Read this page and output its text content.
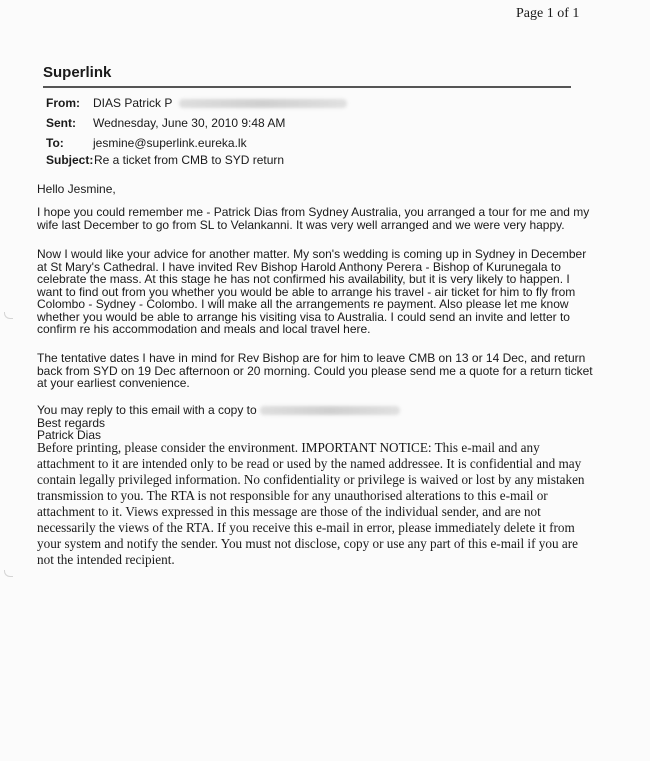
Page 1 of 1
Superlink
From: DIAS Patrick P
Sent: Wednesday, June 30, 2010 9:48 AM
To: jesmine@superlink.eureka.lk
Subject: Re a ticket from CMB to SYD return
Hello Jesmine,

I hope you could remember me - Patrick Dias from Sydney Australia, you arranged a tour for me and my wife last December to go from SL to Velankanni. It was very well arranged and we were very happy.

Now I would like your advice for another matter. My son's wedding is coming up in Sydney in December at St Mary's Cathedral. I have invited Rev Bishop Harold Anthony Perera - Bishop of Kurunegala to celebrate the mass. At this stage he has not confirmed his availability, but it is very likely to happen. I want to find out from you whether you would be able to arrange his travel - air ticket for him to fly from Colombo - Sydney - Colombo. I will make all the arrangements re payment. Also please let me know whether you would be able to arrange his visiting visa to Australia. I could send an invite and letter to confirm re his accommodation and meals and local travel here.

The tentative dates I have in mind for Rev Bishop are for him to leave CMB on 13 or 14 Dec, and return back from SYD on 19 Dec afternoon or 20 morning. Could you please send me a quote for a return ticket at your earliest convenience.

You may reply to this email with a copy to
Best regards
Patrick Dias

Before printing, please consider the environment. IMPORTANT NOTICE: This e-mail and any attachment to it are intended only to be read or used by the named addressee. It is confidential and may contain legally privileged information. No confidentiality or privilege is waived or lost by any mistaken transmission to you. The RTA is not responsible for any unauthorised alterations to this e-mail or attachment to it. Views expressed in this message are those of the individual sender, and are not necessarily the views of the RTA. If you receive this e-mail in error, please immediately delete it from your system and notify the sender. You must not disclose, copy or use any part of this e-mail if you are not the intended recipient.
